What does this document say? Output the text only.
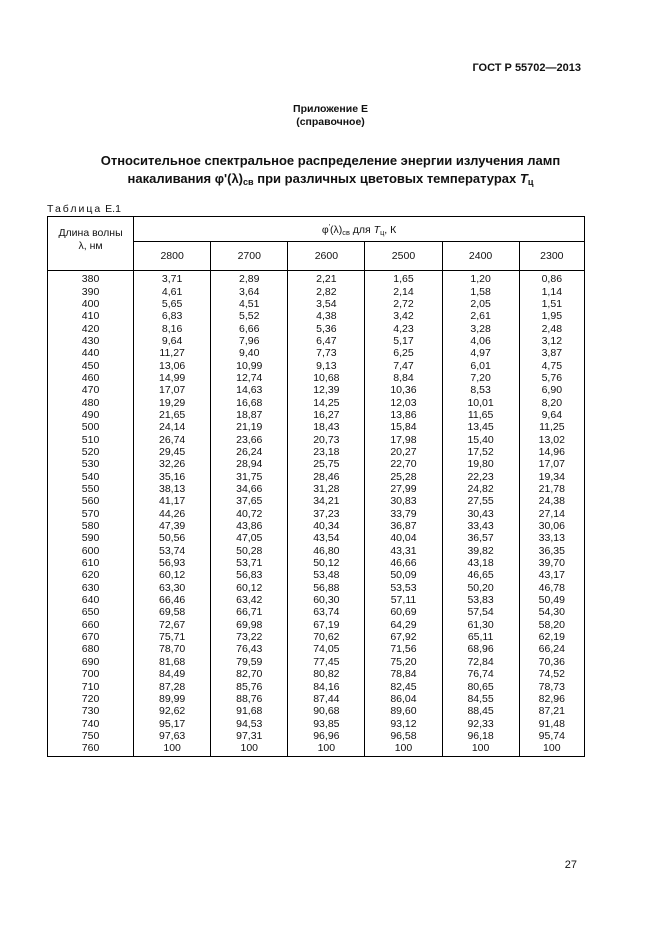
ГОСТ Р 55702—2013
Приложение Е
(справочное)
Относительное спектральное распределение энергии излучения ламп
накаливания $\varphi'(\lambda)_{св}$ при различных цветовых температурах $T_ц$
Таблица Е.1
Длина волны
λ, нм	$\varphi'(\lambda)_{св}$ для $T_ц$, К					
	2800	2700	2600	2500	2400	2300
380	3,71	2,89	2,21	1,65	1,20	0,86
390	4,61	3,64	2,82	2,14	1,58	1,14
400	5,65	4,51	3,54	2,72	2,05	1,51
410	6,83	5,52	4,38	3,42	2,61	1,95
420	8,16	6,66	5,36	4,23	3,28	2,48
430	9,64	7,96	6,47	5,17	4,06	3,12
440	11,27	9,40	7,73	6,25	4,97	3,87
450	13,06	10,99	9,13	7,47	6,01	4,75
460	14,99	12,74	10,68	8,84	7,20	5,76
470	17,07	14,63	12,39	10,36	8,53	6,90
480	19,29	16,68	14,25	12,03	10,01	8,20
490	21,65	18,87	16,27	13,86	11,65	9,64
500	24,14	21,19	18,43	15,84	13,45	11,25
510	26,74	23,66	20,73	17,98	15,40	13,02
520	29,45	26,24	23,18	20,27	17,52	14,96
530	32,26	28,94	25,75	22,70	19,80	17,07
540	35,16	31,75	28,46	25,28	22,23	19,34
550	38,13	34,66	31,28	27,99	24,82	21,78
560	41,17	37,65	34,21	30,83	27,55	24,38
570	44,26	40,72	37,23	33,79	30,43	27,14
580	47,39	43,86	40,34	36,87	33,43	30,06
590	50,56	47,05	43,54	40,04	36,57	33,13
600	53,74	50,28	46,80	43,31	39,82	36,35
610	56,93	53,71	50,12	46,66	43,18	39,70
620	60,12	56,83	53,48	50,09	46,65	43,17
630	63,30	60,12	56,88	53,53	50,20	46,78
640	66,46	63,42	60,30	57,11	53,83	50,49
650	69,58	66,71	63,74	60,69	57,54	54,30
660	72,67	69,98	67,19	64,29	61,30	58,20
670	75,71	73,22	70,62	67,92	65,11	62,19
680	78,70	76,43	74,05	71,56	68,96	66,24
690	81,68	79,59	77,45	75,20	72,84	70,36
700	84,49	82,70	80,82	78,84	76,74	74,52
710	87,28	85,76	84,16	82,45	80,65	78,73
720	89,99	88,76	87,44	86,04	84,55	82,96
730	92,62	91,68	90,68	89,60	88,45	87,21
740	95,17	94,53	93,85	93,12	92,33	91,48
750	97,63	97,31	96,96	96,58	96,18	95,74
760	100	100	100	100	100	100
27
